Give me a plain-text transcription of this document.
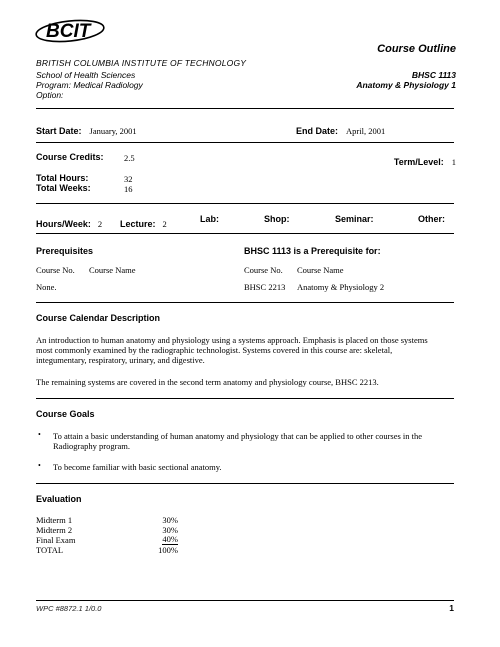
BCIT
BRITISH COLUMBIA INSTITUTE OF TECHNOLOGY
School of Health Sciences
Program: Medical Radiology
Option:
Course Outline
BHSC 1113
Anatomy & Physiology 1
Start Date: January, 2001	End Date: April, 2001
Course Credits: 2.5	Term/Level: 1
Total Hours:	32
Total Weeks:	16
Hours/Week: 2 Lecture: 2	Lab:	Shop:	Seminar:	Other:
Prerequisites	BHSC 1113 is a Prerequisite for:
Course No. Course Name	Course No. Course Name
None.	BHSC 2213 Anatomy & Physiology 2
Course Calendar Description
An introduction to human anatomy and physiology using a systems approach. Emphasis is placed on those systems
most commonly examined by the radiographic technologist. Systems covered in this course are: skeletal,
integumentary, respiratory, urinary, and digestive.
The remaining systems are covered in the second term anatomy and physiology course, BHSC 2213.
Course Goals
• To attain a basic understanding of human anatomy and physiology that can be applied to other courses in the
Radiography program.
• To become familiar with basic sectional anatomy.
Evaluation
Midterm 1	30%
Midterm 2	30%
Final Exam	40%
TOTAL	100%
WPC #8872.1 1/0.0	1
